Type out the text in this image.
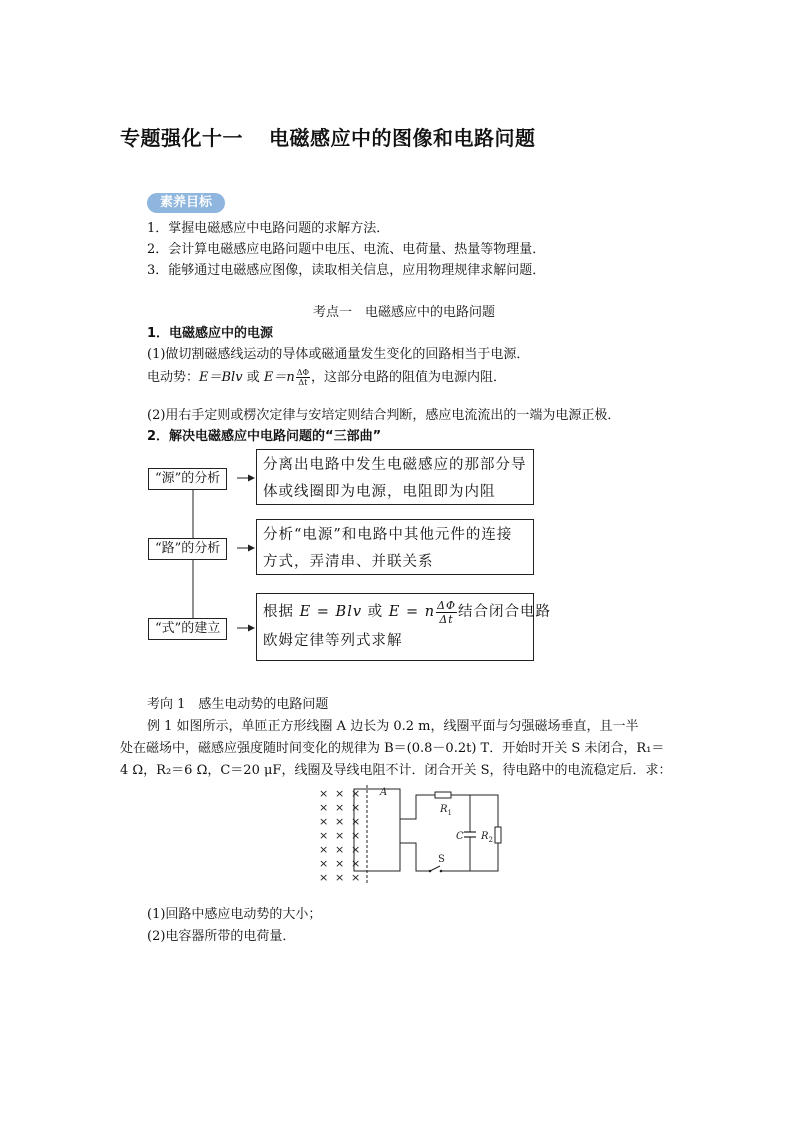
专题强化十一 电磁感应中的图像和电路问题
素养目标
1．掌握电磁感应中电路问题的求解方法．
2．会计算电磁感应电路问题中电压、电流、电荷量、热量等物理量．
3．能够通过电磁感应图像，读取相关信息，应用物理规律求解问题．
考点一　电磁感应中的电路问题
1．电磁感应中的电源
(1)做切割磁感线运动的导体或磁通量发生变化的回路相当于电源．
电动势：E＝Blv 或 $E=n \frac{\Delta\Phi}{\Delta t}$ ，这部分电路的阻值为电源内阻．
(2)用右手定则或楞次定律与安培定则结合判断，感应电流流出的一端为电源正极．
2．解决电磁感应中电路问题的“三部曲”
“源”的分析
分离出电路中发生电磁感应的那部分导体或线圈即为电源，电阻即为内阻
“路”的分析
分析“电源”和电路中其他元件的连接方式，弄清串、并联关系
“式”的建立
根据 E = Blv 或 E = n $\frac{\Delta\Phi}{\Delta t}$ 结合闭合电路
欧姆定律等列式求解
考向 1　感生电动势的电路问题
例 1 如图所示，单匝正方形线圈 A 边长为 0.2 m，线圈平面与匀强磁场垂直，且一半
处在磁场中，磁感应强度随时间变化的规律为 B＝(0.8－0.2t) T．开始时开关 S 未闭合，R₁＝
4 Ω，R₂＝6 Ω，C＝20 μF，线圈及导线电阻不计．闭合开关 S，待电路中的电流稳定后．求：
× × ×
× × ×
× × ×
× × ×
× × ×
× × ×
× × ×
A
$R_1$
C $R_2$
S
(1)回路中感应电动势的大小；
(2)电容器所带的电荷量．
